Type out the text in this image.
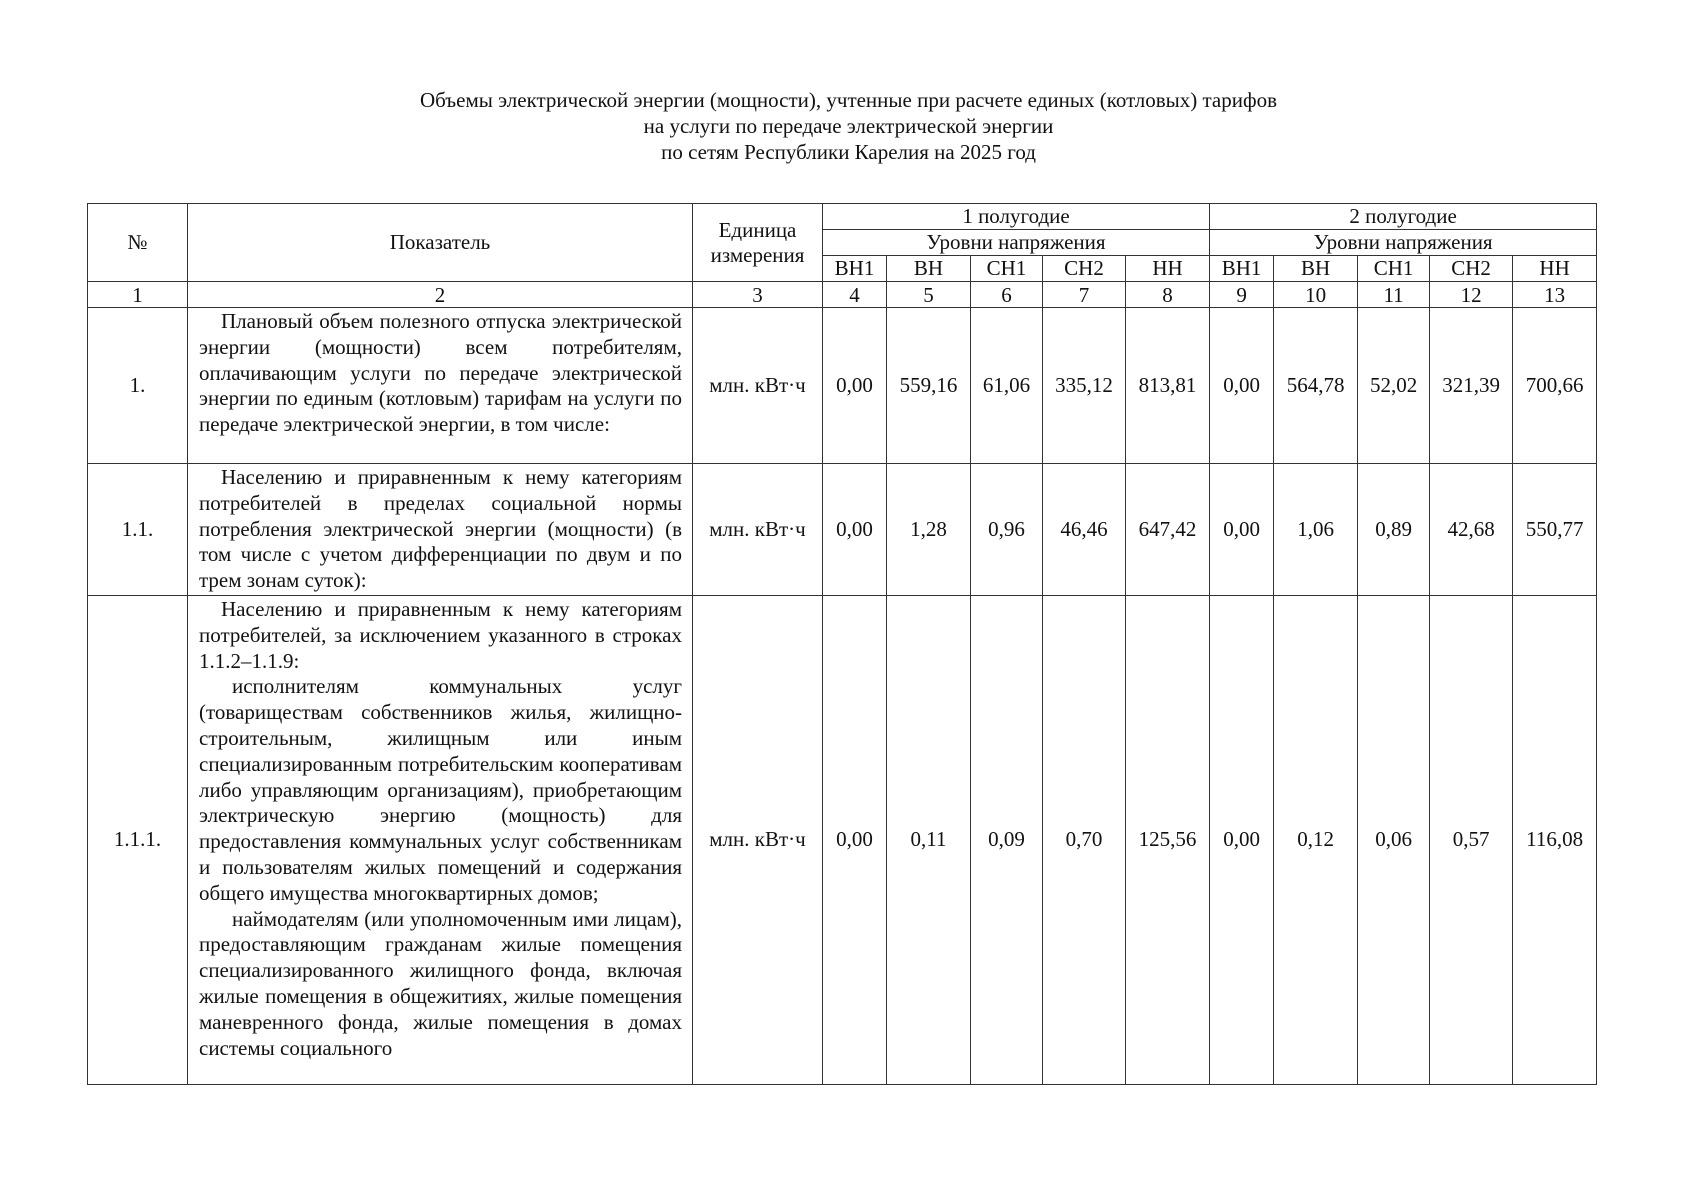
Объемы электрической энергии (мощности), учтенные при расчете единых (котловых) тарифов
на услуги по передаче электрической энергии
по сетям Республики Карелия на 2025 год
№	Показатель	Единица измерения	1 полугодие					2 полугодие				
			Уровни напряжения					Уровни напряжения				
			ВН1	ВН	СН1	СН2	НН	ВН1	ВН	СН1	СН2	НН
1	2	3	4	5	6	7	8	9	10	11	12	13
1.	Плановый объем полезного отпуска электрической энергии (мощности) всем потребителям, оплачивающим услуги по передаче электрической энергии по единым (котловым) тарифам на услуги по передаче электрической энергии, в том числе:	млн. кВт·ч	0,00	559,16	61,06	335,12	813,81	0,00	564,78	52,02	321,39	700,66
1.1.	Населению и приравненным к нему категориям потребителей в пределах социальной нормы потребления электрической энергии (мощности) (в том числе с учетом дифференциации по двум и по трем зонам суток):	млн. кВт·ч	0,00	1,28	0,96	46,46	647,42	0,00	1,06	0,89	42,68	550,77
1.1.1.	Населению и приравненным к нему категориям потребителей, за исключением указанного в строках 1.1.2–1.1.9:

исполнителям коммунальных услуг (товариществам собственников жилья, жилищно-строительным, жилищным или иным специализированным потребительским кооперативам либо управляющим организациям), приобретающим электрическую энергию (мощность) для предоставления коммунальных услуг собственникам и пользователям жилых помещений и содержания общего имущества многоквартирных домов;

наймодателям (или уполномоченным ими лицам), предоставляющим гражданам жилые помещения специализированного жилищного фонда, включая жилые помещения в общежитиях, жилые помещения маневренного фонда, жилые помещения в домах системы социального	млн. кВт·ч	0,00	0,11	0,09	0,70	125,56	0,00	0,12	0,06	0,57	116,08
